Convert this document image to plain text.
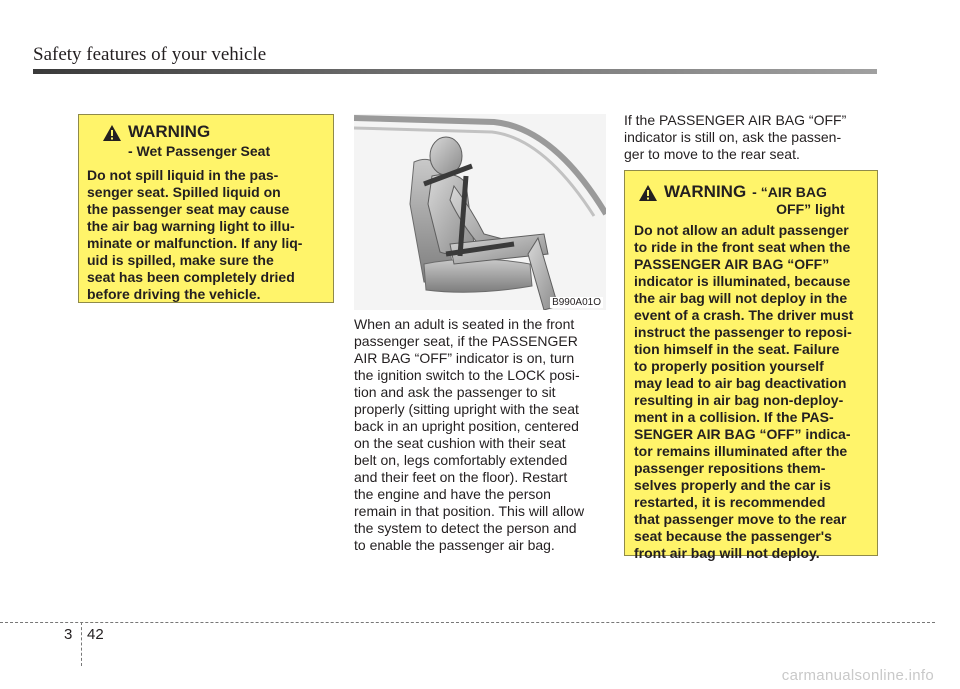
Safety features of your vehicle
WARNING
- Wet Passenger Seat

Do not spill liquid in the pas-
senger seat. Spilled liquid on
the passenger seat may cause
the air bag warning light to illu-
minate or malfunction. If any liq-
uid is spilled, make sure the
seat has been completely dried
before driving the vehicle.

B990A01O

When an adult is seated in the front
passenger seat, if the PASSENGER
AIR BAG “OFF” indicator is on, turn
the ignition switch to the LOCK posi-
tion and ask the passenger to sit
properly (sitting upright with the seat
back in an upright position, centered
on the seat cushion with their seat
belt on, legs comfortably extended
and their feet on the floor). Restart
the engine and have the person
remain in that position. This will allow
the system to detect the person and
to enable the passenger air bag.

If the PASSENGER AIR BAG “OFF”
indicator is still on, ask the passen-
ger to move to the rear seat.

WARNING - “AIR BAG
OFF” light

Do not allow an adult passenger
to ride in the front seat when the
PASSENGER AIR BAG “OFF”
indicator is illuminated, because
the air bag will not deploy in the
event of a crash. The driver must
instruct the passenger to reposi-
tion himself in the seat. Failure
to properly position yourself
may lead to air bag deactivation
resulting in air bag non-deploy-
ment in a collision. If the PAS-
SENGER AIR BAG “OFF” indica-
tor remains illuminated after the
passenger repositions them-
selves properly and the car is
restarted, it is recommended
that passenger move to the rear
seat because the passenger's
front air bag will not deploy.

3 42
carmanualsonline.info
